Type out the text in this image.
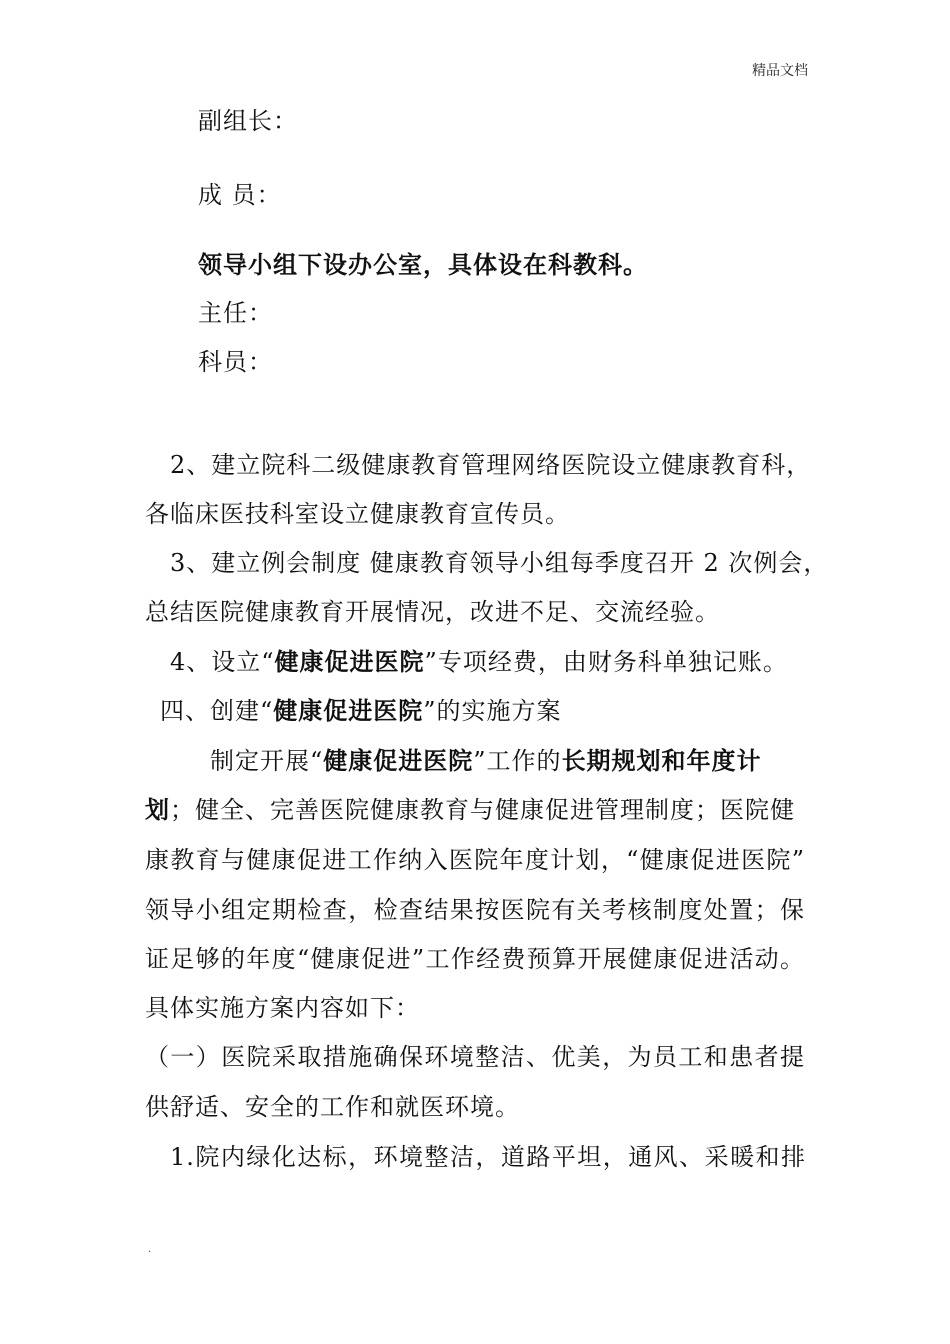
精品文档
副组长：
成 员：
领导小组下设办公室，具体设在科教科。
主任：
科员：
2、建立院科二级健康教育管理网络医院设立健康教育科，
各临床医技科室设立健康教育宣传员。
3、建立例会制度 健康教育领导小组每季度召开 2 次例会，
总结医院健康教育开展情况，改进不足、交流经验。
4、设立“健康促进医院”专项经费，由财务科单独记账。
四、创建“健康促进医院”的实施方案
制定开展“健康促进医院”工作的长期规划和年度计
划；健全、完善医院健康教育与健康促进管理制度；医院健
康教育与健康促进工作纳入医院年度计划，“健康促进医院”
领导小组定期检查，检查结果按医院有关考核制度处置；保
证足够的年度“健康促进”工作经费预算开展健康促进活动。
具体实施方案内容如下：
（一）医院采取措施确保环境整洁、优美，为员工和患者提
供舒适、安全的工作和就医环境。
1.院内绿化达标，环境整洁，道路平坦，通风、采暖和排
.
